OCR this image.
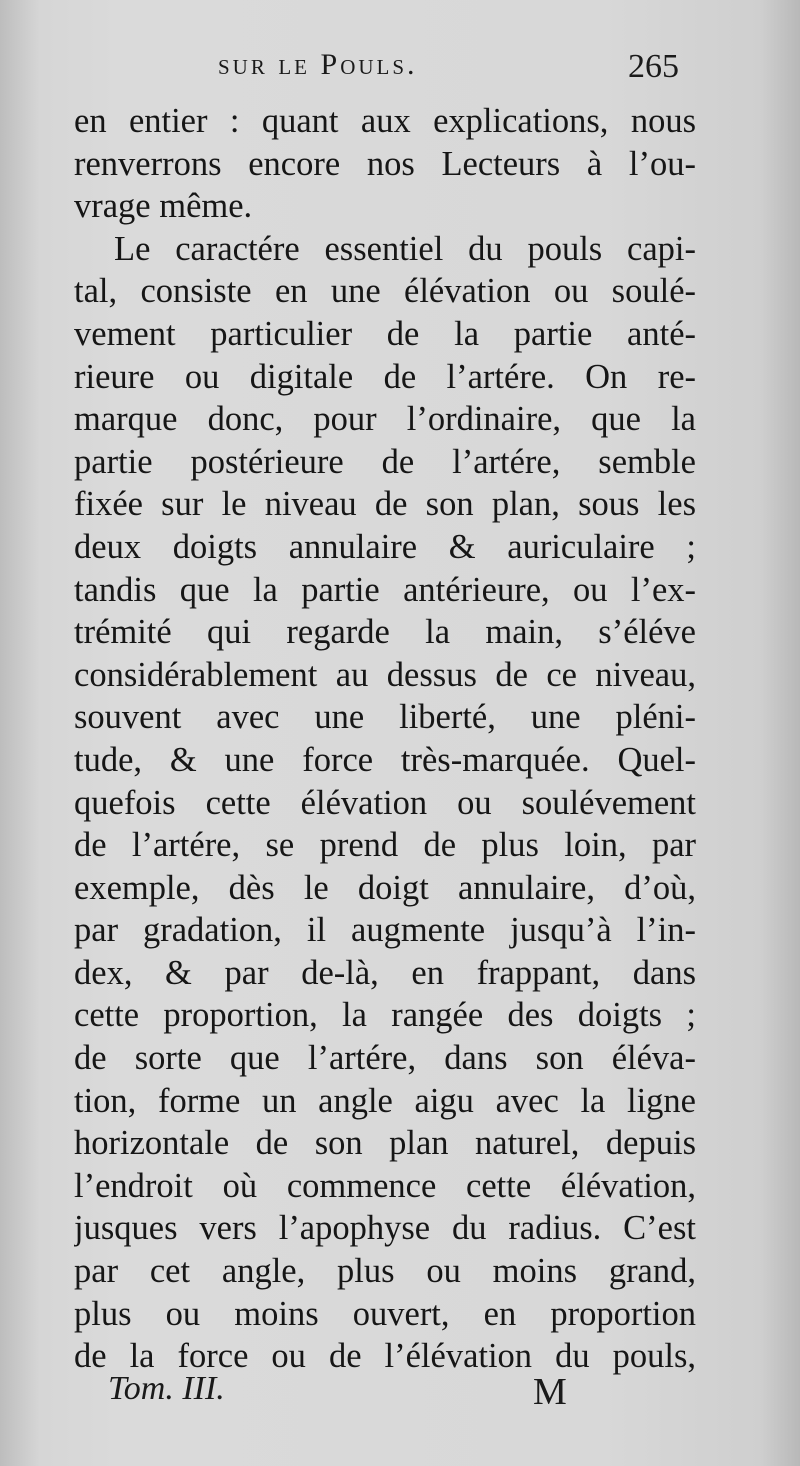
sur le Pouls.	265
en entier : quant aux explications, nous
renverrons encore nos Lecteurs à l’ou-
vrage même.
Le caractére essentiel du pouls capi-
tal, consiste en une élévation ou soulé-
vement particulier de la partie anté-
rieure ou digitale de l’artére. On re-
marque donc, pour l’ordinaire, que la
partie postérieure de l’artére, semble
fixée sur le niveau de son plan, sous les
deux doigts annulaire & auriculaire ;
tandis que la partie antérieure, ou l’ex-
trémité qui regarde la main, s’éléve
considérablement au dessus de ce niveau,
souvent avec une liberté, une pléni-
tude, & une force très-marquée. Quel-
quefois cette élévation ou soulévement
de l’artére, se prend de plus loin, par
exemple, dès le doigt annulaire, d’où,
par gradation, il augmente jusqu’à l’in-
dex, & par de-là, en frappant, dans
cette proportion, la rangée des doigts ;
de sorte que l’artére, dans son éléva-
tion, forme un angle aigu avec la ligne
horizontale de son plan naturel, depuis
l’endroit où commence cette élévation,
jusques vers l’apophyse du radius. C’est
par cet angle, plus ou moins grand,
plus ou moins ouvert, en proportion
de la force ou de l’élévation du pouls,
Tom. III.	M
